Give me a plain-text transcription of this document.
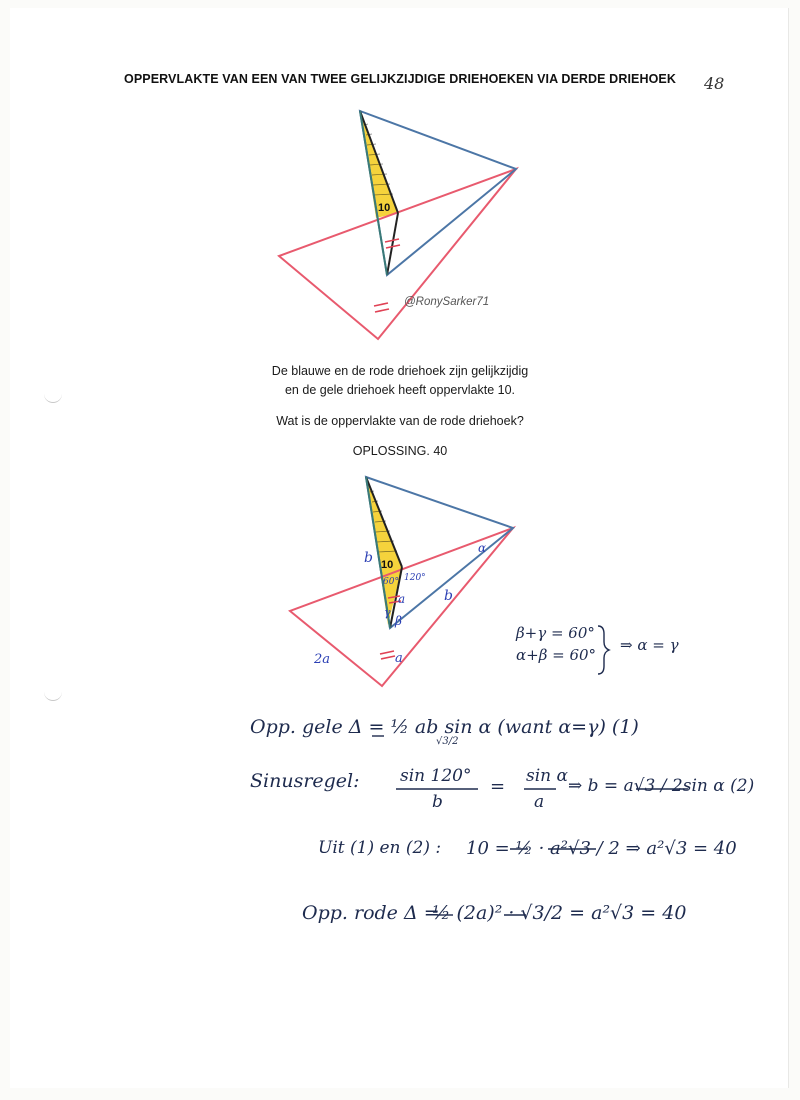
OPPERVLAKTE VAN EEN VAN TWEE GELIJKZIJDIGE DRIEHOEKEN VIA DERDE DRIEHOEK	48
10
@RonySarker71
10
b
b
2a
a
a
α
β
γ
60° 120°
De blauwe en de rode driehoek zijn gelijkzijdig
en de gele driehoek heeft oppervlakte 10.
Wat is de oppervlakte van de rode driehoek?
OPLOSSING. 40
β+γ = 60°
α+β = 60°
⇒ α = γ
Opp. gele Δ = ½ ab sin α (want α=γ) (1)
Sinusregel:
√3/2
sin 120°
b
= sin α
a
⇒ b = a√3 / 2sin α (2)
Uit (1) en (2) : 10 = ½ · a²√3 / 2 ⇒ a²√3 = 40
Opp. rode Δ =
½ (2a)² · √3/2 = a²√3 = 40
